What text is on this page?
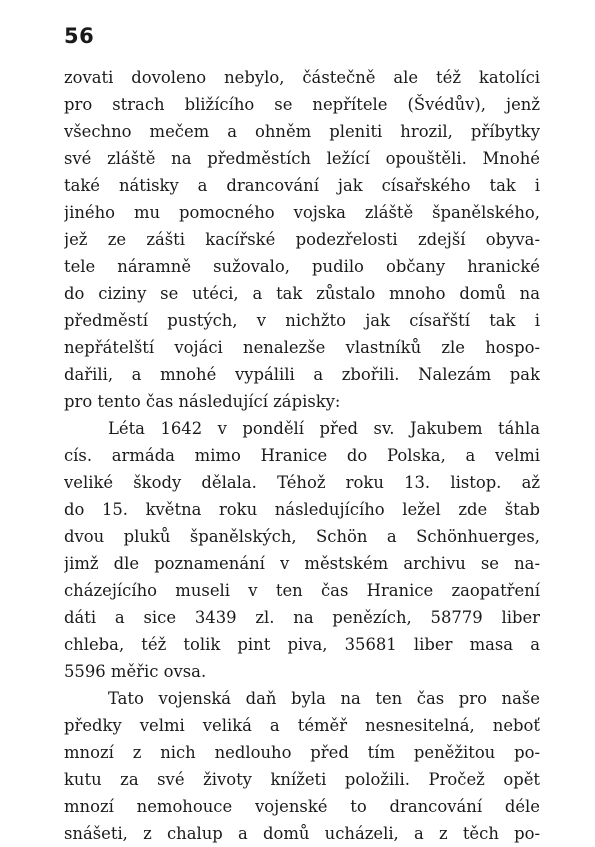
56
zovati dovoleno nebylo, částečně ale též katolíci
pro strach bližícího se nepřítele (Švédův), jenž
všechno mečem a ohněm pleniti hrozil, příbytky
své zláště na předměstích ležící opouštěli. Mnohé
také nátisky a drancování jak císařského tak i
jiného mu pomocného vojska zláště španělského,
jež ze zášti kacířské podezřelosti zdejší obyva-
tele náramně sužovalo, pudilo občany hranické
do ciziny se utéci, a tak zůstalo mnoho domů na
předměstí pustých, v nichžto jak císařští tak i
nepřátelští vojáci nenalezše vlastníků zle hospo-
dařili, a mnohé vypálili a zbořili. Nalezám pak
pro tento čas následující zápisky:
Léta 1642 v pondělí před sv. Jakubem táhla
cís. armáda mimo Hranice do Polska, a velmi
veliké škody dělala. Téhož roku 13. listop. až
do 15. května roku následujícího ležel zde štab
dvou pluků španělských, Schön a Schönhuerges,
jimž dle poznamenání v městském archivu se na-
cházejícího museli v ten čas Hranice zaopatření
dáti a sice 3439 zl. na penězích, 58779 liber
chleba, též tolik pint piva, 35681 liber masa a
5596 měřic ovsa.
Tato vojenská daň byla na ten čas pro naše
předky velmi veliká a téměř nesnesitelná, neboť
mnozí z nich nedlouho před tím peněžitou po-
kutu za své životy knížeti položili. Pročež opět
mnozí nemohouce vojenské to drancování déle
snášeti, z chalup a domů ucházeli, a z těch po-
